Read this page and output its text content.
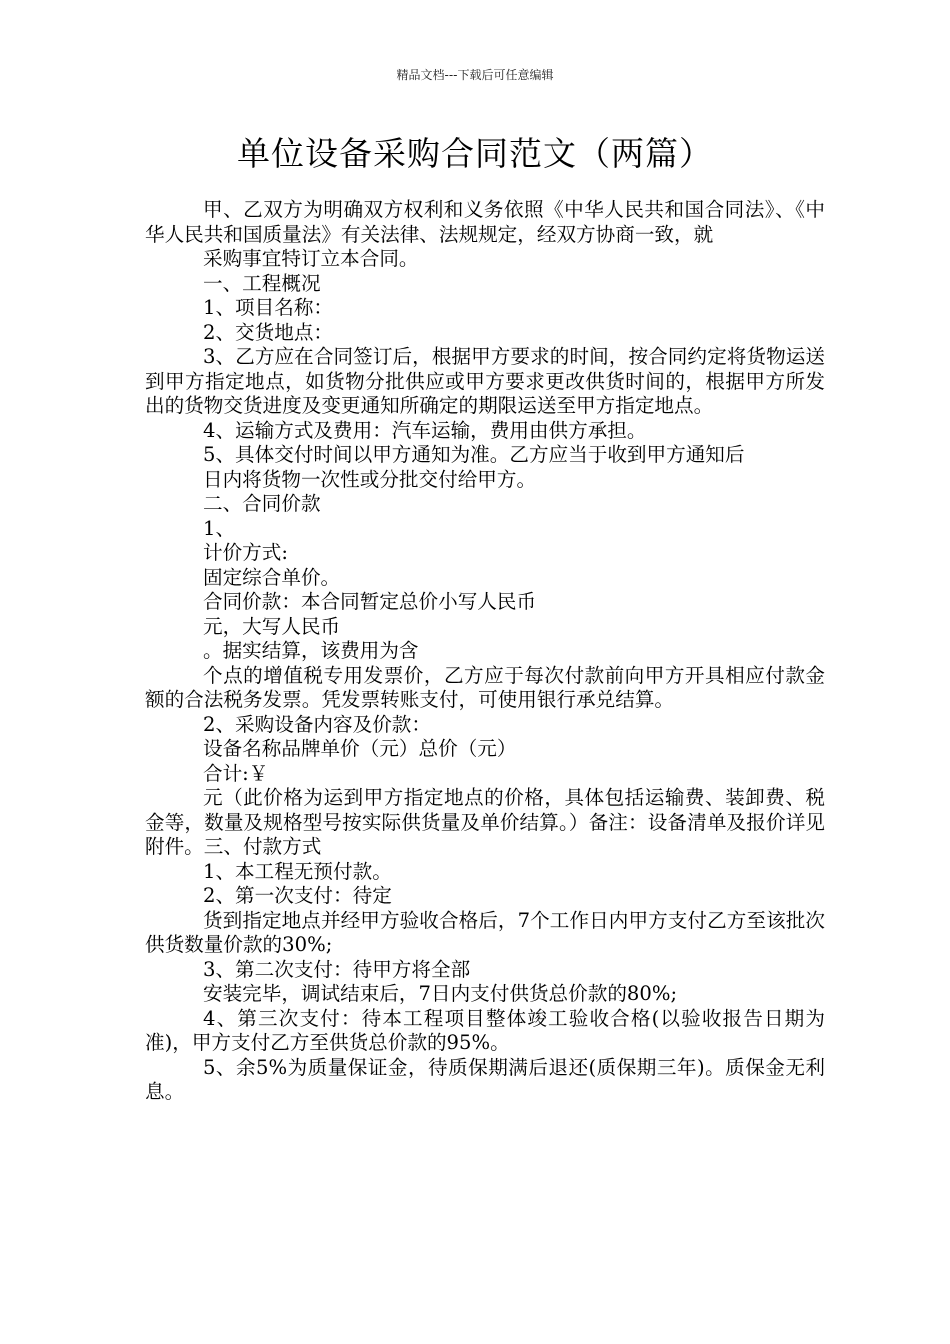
精品文档---下载后可任意编辑
单位设备采购合同范文（两篇）

甲、乙双方为明确双方权利和义务依照《中华人民共和国合同法》、《中华人民共和国质量法》有关法律、法规规定，经双方协商一致，就

采购事宜特订立本合同。

一、工程概况

1、项目名称：

2、交货地点：

3、乙方应在合同签订后，根据甲方要求的时间，按合同约定将货物运送到甲方指定地点，如货物分批供应或甲方要求更改供货时间的，根据甲方所发出的货物交货进度及变更通知所确定的期限运送至甲方指定地点。

4、运输方式及费用：汽车运输，费用由供方承担。

5、具体交付时间以甲方通知为准。乙方应当于收到甲方通知后

日内将货物一次性或分批交付给甲方。

二、合同价款

1、

计价方式:

固定综合单价。

合同价款：本合同暂定总价小写人民币

元，大写人民币

。据实结算，该费用为含

个点的增值税专用发票价，乙方应于每次付款前向甲方开具相应付款金额的合法税务发票。凭发票转账支付，可使用银行承兑结算。

2、采购设备内容及价款：

设备名称品牌单价（元）总价（元）

合计:￥

元（此价格为运到甲方指定地点的价格，具体包括运输费、装卸费、税金等，数量及规格型号按实际供货量及单价结算。）备注：设备清单及报价详见附件。三、付款方式

1、本工程无预付款。

2、第一次支付：待定

货到指定地点并经甲方验收合格后，7个工作日内甲方支付乙方至该批次供货数量价款的30%;

3、第二次支付：待甲方将全部

安装完毕，调试结束后，7日内支付供货总价款的80%;

4、第三次支付：待本工程项目整体竣工验收合格(以验收报告日期为准)，甲方支付乙方至供货总价款的95%。

5、余5%为质量保证金，待质保期满后退还(质保期三年)。质保金无利息。
